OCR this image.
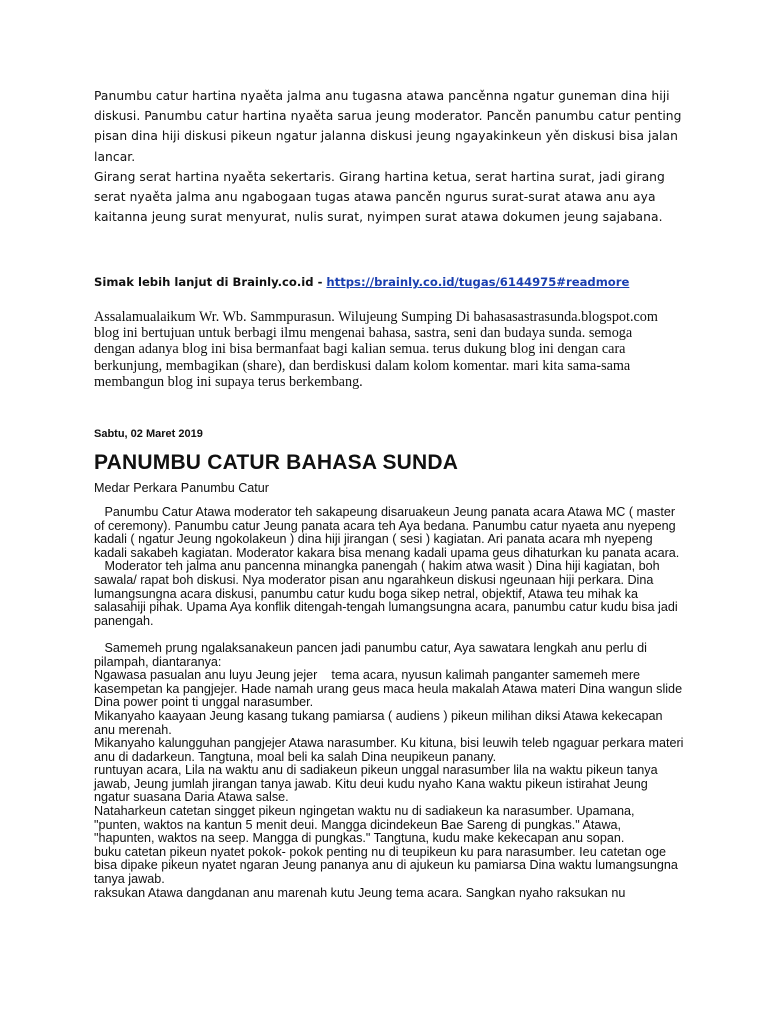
Panumbu catur hartina nyaěta jalma anu tugasna atawa pancěnna ngatur guneman dina hiji diskusi. Panumbu catur hartina nyaěta sarua jeung moderator. Pancěn panumbu catur penting pisan dina hiji diskusi pikeun ngatur jalanna diskusi jeung ngayakinkeun yěn diskusi bisa jalan lancar.

Girang serat hartina nyaěta sekertaris. Girang hartina ketua, serat hartina surat, jadi girang serat nyaěta jalma anu ngabogaan tugas atawa pancěn ngurus surat-surat atawa anu aya kaitanna jeung surat menyurat, nulis surat, nyimpen surat atawa dokumen jeung sajabana.

Simak lebih lanjut di Brainly.co.id - https://brainly.co.id/tugas/6144975#readmore

Assalamualaikum Wr. Wb. Sammpurasun. Wilujeung Sumping Di bahasasastrasunda.blogspot.com blog ini bertujuan untuk berbagi ilmu mengenai bahasa, sastra, seni dan budaya sunda. semoga dengan adanya blog ini bisa bermanfaat bagi kalian semua. terus dukung blog ini dengan cara berkunjung, membagikan (share), dan berdiskusi dalam kolom komentar. mari kita sama-sama membangun blog ini supaya terus berkembang.

Sabtu, 02 Maret 2019
PANUMBU CATUR BAHASA SUNDA
Medar Perkara Panumbu Catur

Panumbu Catur Atawa moderator teh sakapeung disaruakeun Jeung panata acara Atawa MC ( master of ceremony). Panumbu catur Jeung panata acara teh Aya bedana. Panumbu catur nyaeta anu nyepeng kadali ( ngatur Jeung ngokolakeun ) dina hiji jirangan ( sesi ) kagiatan. Ari panata acara mh nyepeng kadali sakabeh kagiatan. Moderator kakara bisa menang kadali upama geus dihaturkan ku panata acara.

Moderator teh jalma anu pancenna minangka panengah ( hakim atwa wasit ) Dina hiji kagiatan, boh sawala/ rapat boh diskusi. Nya moderator pisan anu ngarahkeun diskusi ngeunaan hiji perkara. Dina lumangsungna acara diskusi, panumbu catur kudu boga sikep netral, objektif, Atawa teu mihak ka salasahiji pihak. Upama Aya konflik ditengah-tengah lumangsungna acara, panumbu catur kudu bisa jadi panengah.

Samemeh prung ngalaksanakeun pancen jadi panumbu catur, Aya sawatara lengkah anu perlu di pilampah, diantaranya:

Ngawasa pasualan anu luyu Jeung jejer    tema acara, nyusun kalimah panganter samemeh mere kasempetan ka pangjejer. Hade namah urang geus maca heula makalah Atawa materi Dina wangun slide Dina power point ti unggal narasumber.

Mikanyaho kaayaan Jeung kasang tukang pamiarsa ( audiens ) pikeun milihan diksi Atawa kekecapan anu merenah.

Mikanyaho kalungguhan pangjejer Atawa narasumber. Ku kituna, bisi leuwih teleb ngaguar perkara materi anu di dadarkeun. Tangtuna, moal beli ka salah Dina neupikeun panany.

runtuyan acara, Lila na waktu anu di sadiakeun pikeun unggal narasumber lila na waktu pikeun tanya jawab, Jeung jumlah jirangan tanya jawab. Kitu deui kudu nyaho Kana waktu pikeun istirahat Jeung ngatur suasana Daria Atawa salse.

Nataharkeun catetan singget pikeun ngingetan waktu nu di sadiakeun ka narasumber. Upamana, "punten, waktos na kantun 5 menit deui. Mangga dicindekeun Bae Sareng di pungkas." Atawa, "hapunten, waktos na seep. Mangga di pungkas." Tangtuna, kudu make kekecapan anu sopan.

buku catetan pikeun nyatet pokok- pokok penting nu di teupikeun ku para narasumber. Ieu catetan oge bisa dipake pikeun nyatet ngaran Jeung pananya anu di ajukeun ku pamiarsa Dina waktu lumangsungna tanya jawab.

raksukan Atawa dangdanan anu marenah kutu Jeung tema acara. Sangkan nyaho raksukan nu
